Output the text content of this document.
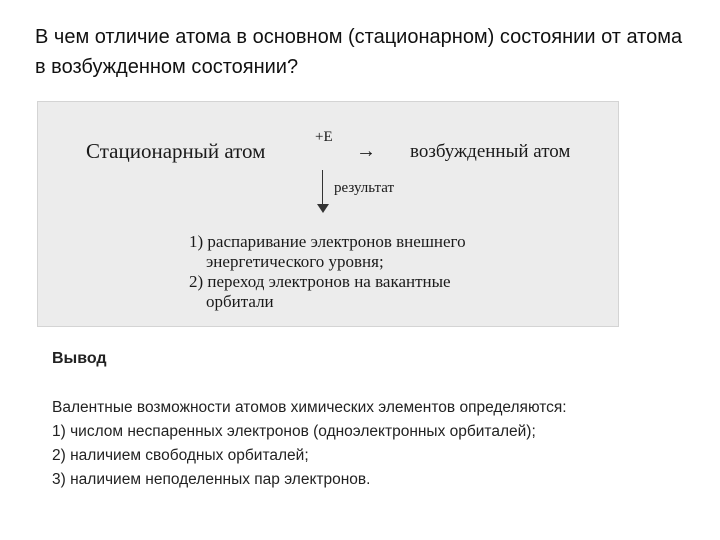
В чем отличие атома в основном (стационарном) состоянии от атома в возбужденном состоянии?
Стационарный атом
+E
→ возбужденный атом
результат
1) распаривание электронов внешнего
энергетического уровня;
2) переход электронов на вакантные
орбитали
Вывод
Валентные возможности атомов химических элементов определяются:
1) числом неспаренных электронов (одноэлектронных орбиталей);
2) наличием свободных орбиталей;
3) наличием неподеленных пар электронов.
